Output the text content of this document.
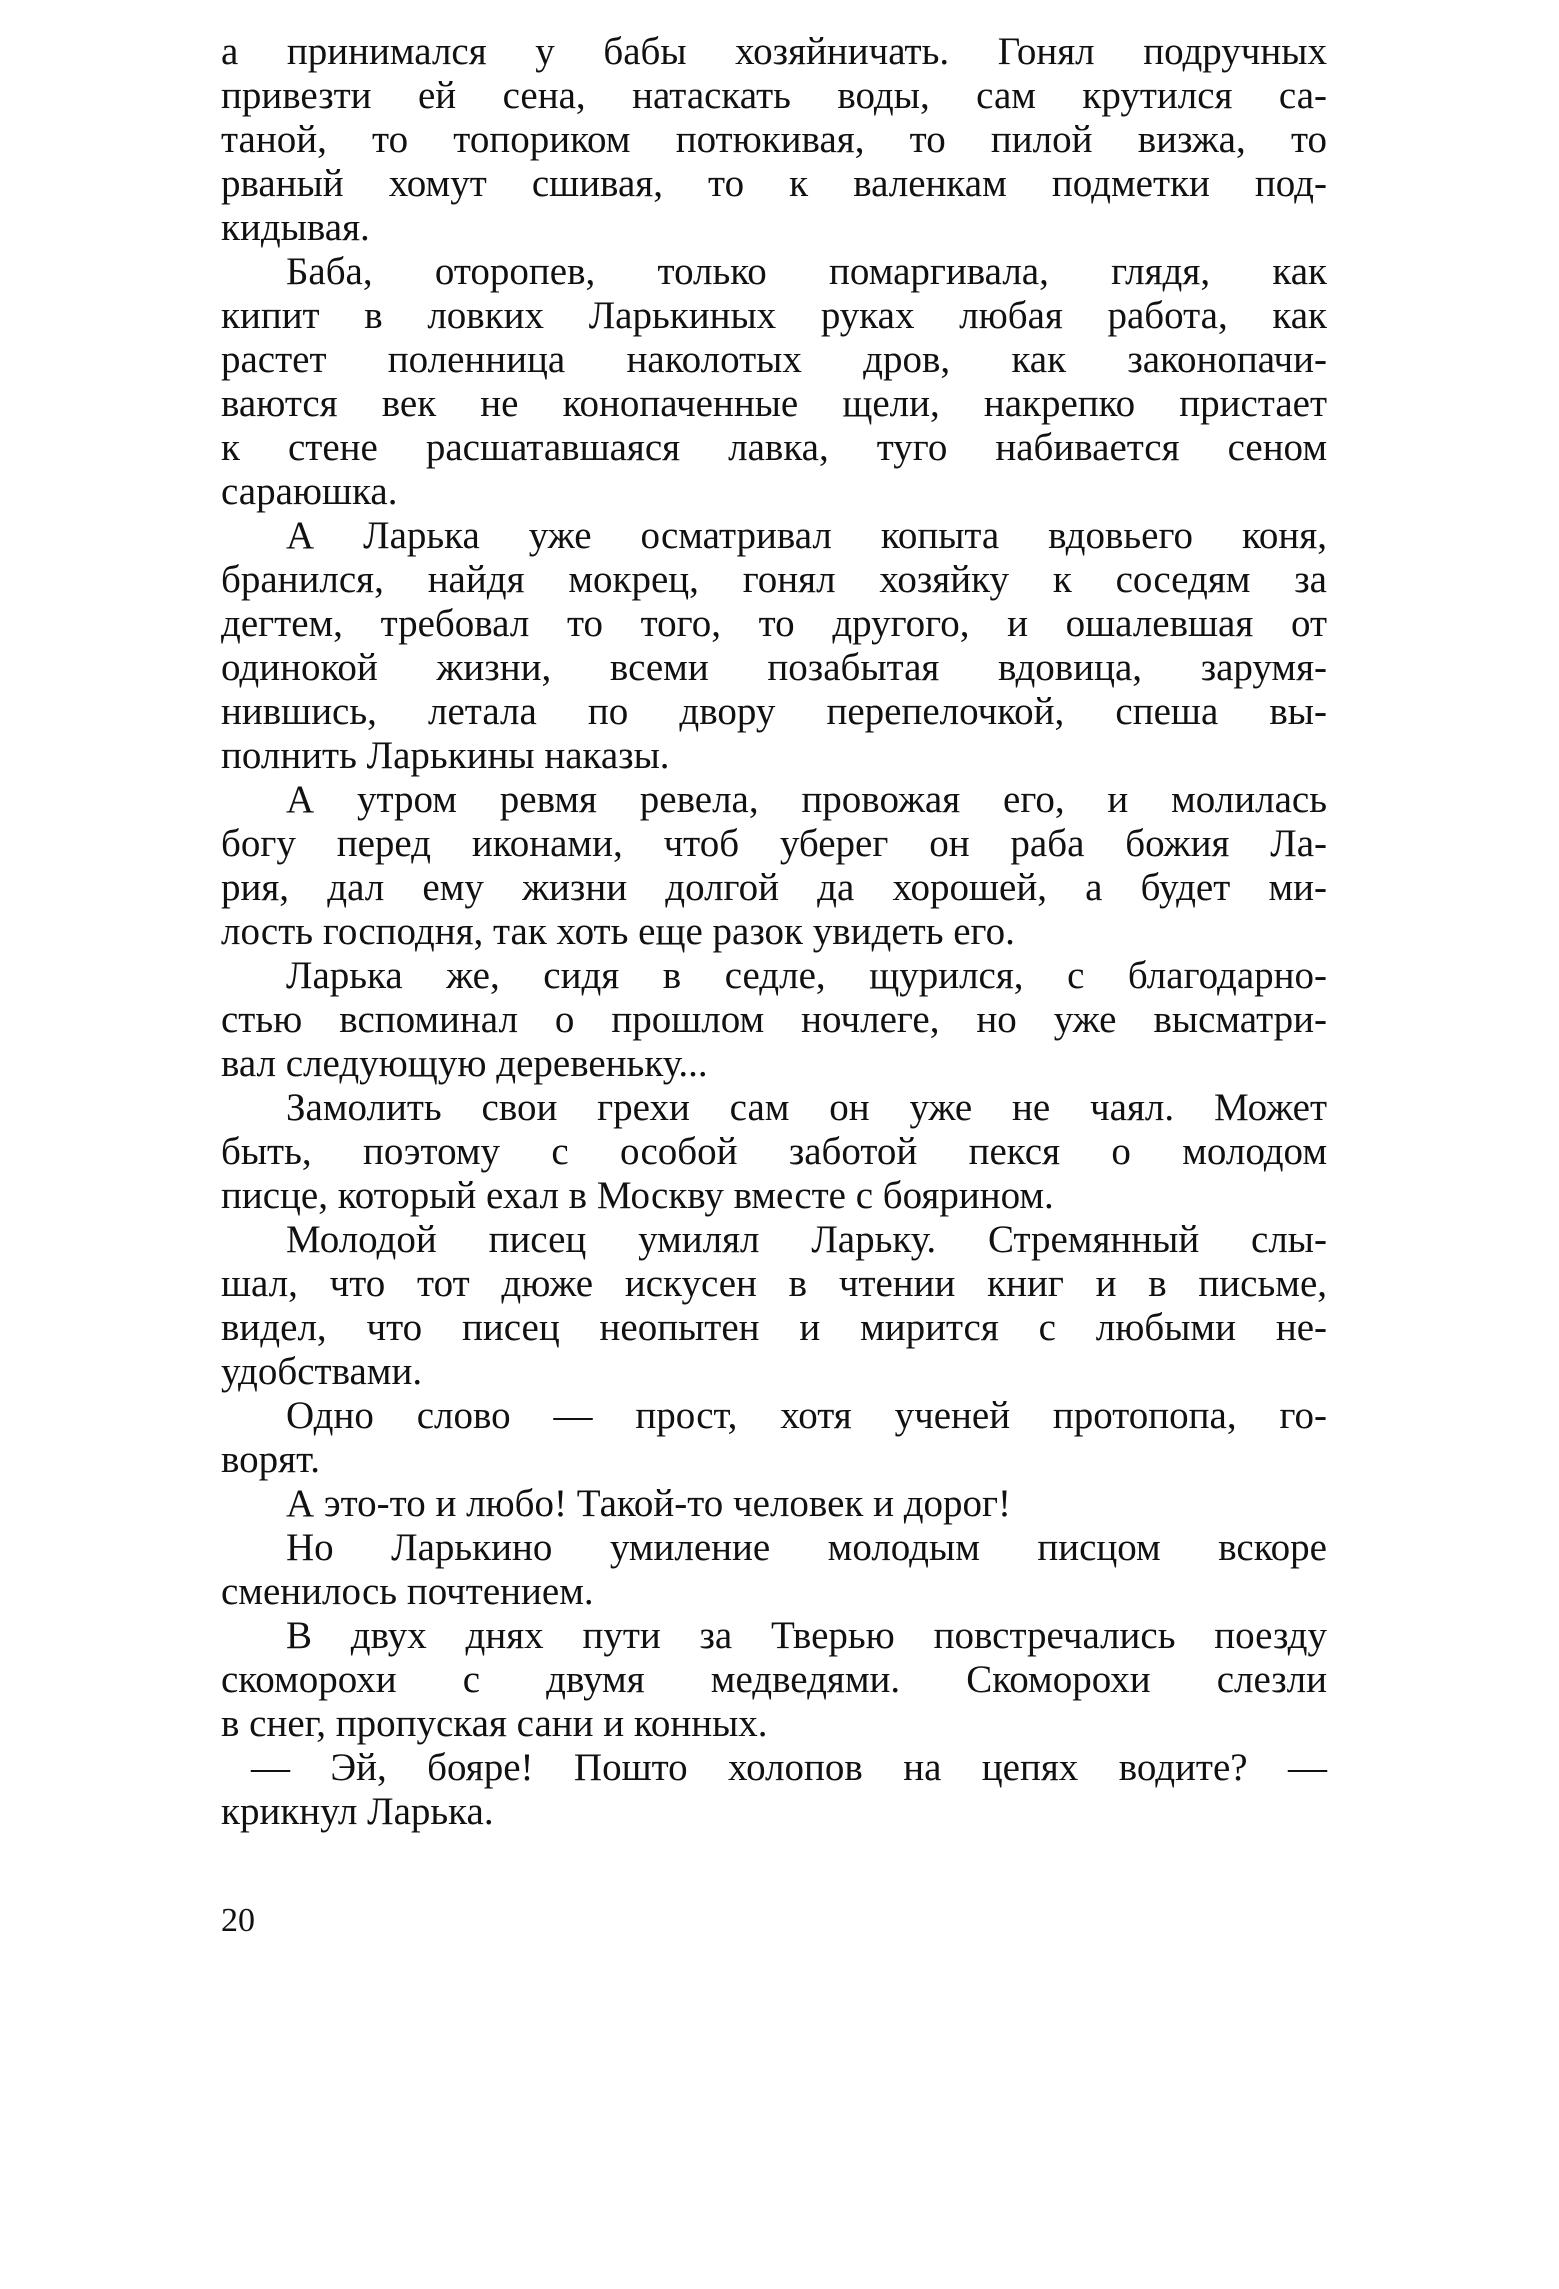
а принимался у бабы хозяйничать. Гонял подручных
привезти ей сена, натаскать воды, сам крутился са-
таной, то топориком потюкивая, то пилой визжа, то
рваный хомут сшивая, то к валенкам подметки под-
кидывая.
Баба, оторопев, только помаргивала, глядя, как
кипит в ловких Ларькиных руках любая работа, как
растет поленница наколотых дров, как законопачи-
ваются век не конопаченные щели, накрепко пристает
к стене расшатавшаяся лавка, туго набивается сеном
сараюшка.
А Ларька уже осматривал копыта вдовьего коня,
бранился, найдя мокрец, гонял хозяйку к соседям за
дегтем, требовал то того, то другого, и ошалевшая от
одинокой жизни, всеми позабытая вдовица, зарумя-
нившись, летала по двору перепелочкой, спеша вы-
полнить Ларькины наказы.
А утром ревмя ревела, провожая его, и молилась
богу перед иконами, чтоб уберег он раба божия Ла-
рия, дал ему жизни долгой да хорошей, а будет ми-
лость господня, так хоть еще разок увидеть его.
Ларька же, сидя в седле, щурился, с благодарно-
стью вспоминал о прошлом ночлеге, но уже высматри-
вал следующую деревеньку...
Замолить свои грехи сам он уже не чаял. Может
быть, поэтому с особой заботой пекся о молодом
писце, который ехал в Москву вместе с боярином.
Молодой писец умилял Ларьку. Стремянный слы-
шал, что тот дюже искусен в чтении книг и в письме,
видел, что писец неопытен и мирится с любыми не-
удобствами.
Одно слово — прост, хотя ученей протопопа, го-
ворят.
А это-то и любо! Такой-то человек и дорог!
Но Ларькино умиление молодым писцом вскоре
сменилось почтением.
В двух днях пути за Тверью повстречались поезду
скоморохи с двумя медведями. Скоморохи слезли
в снег, пропуская сани и конных.
— Эй, бояре! Пошто холопов на цепях водите? —
крикнул Ларька.
20
